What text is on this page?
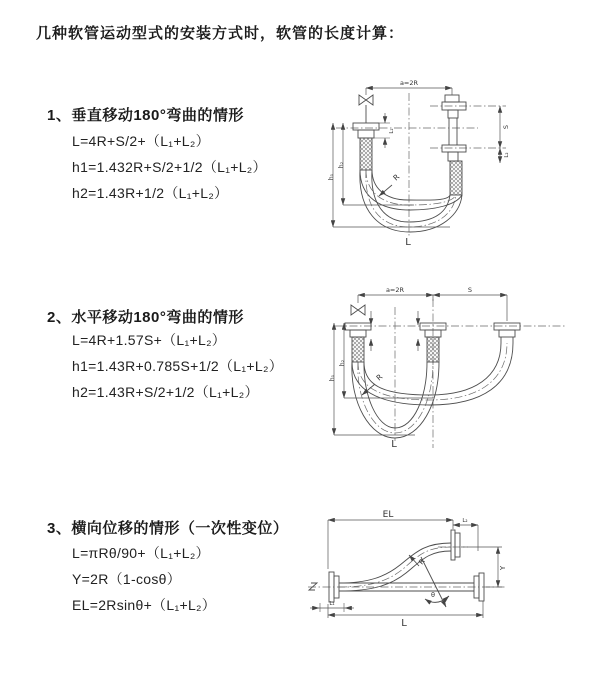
几种软管运动型式的安装方式时，软管的长度计算：
1、垂直移动180°弯曲的情形
L=4R+S/2+（L₁+L₂）
h1=1.432R+S/2+1/2（L₁+L₂）
h2=1.43R+1/2（L₁+L₂）
a=2R
S
L₂
L₁
h₂
h₁	R
L
2、水平移动180°弯曲的情形
L=4R+1.57S+（L₁+L₂）
h1=1.43R+0.785S+1/2（L₁+L₂）
h2=1.43R+S/2+1/2（L₁+L₂）
a=2R	S
h₁
h₂
R
L
3、横向位移的情形（一次性变位）
L=πRθ/90+（L₁+L₂）
Y=2R（1-cosθ）
EL=2Rsinθ+（L₁+L₂）
EL
L₂
Y
R
θ
L₁
L
